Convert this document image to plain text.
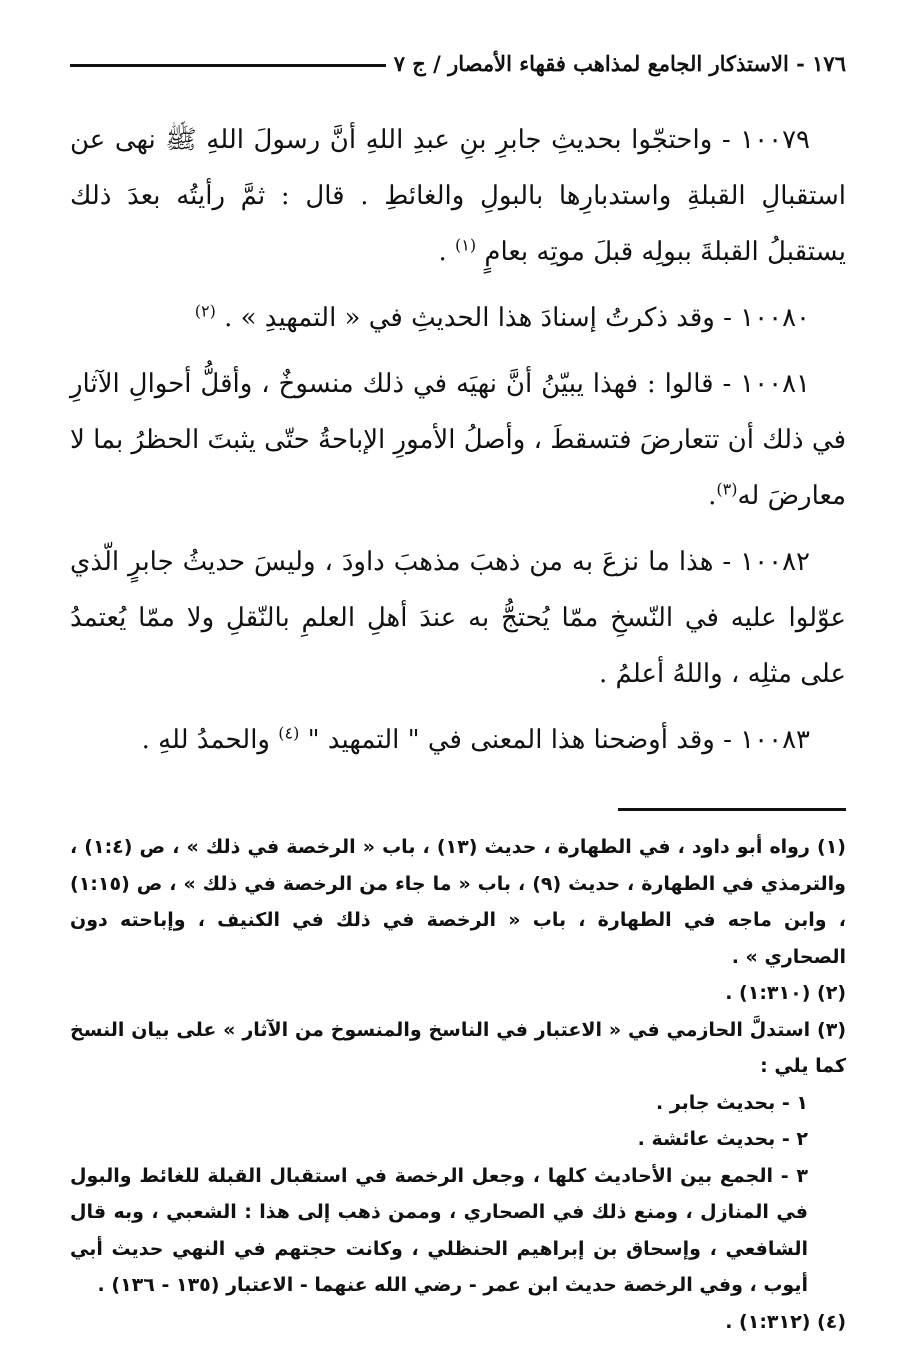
١٧٦ - الاستذكار الجامع لمذاهب فقهاء الأمصار / ج ٧

١٠٠٧٩ - واحتجّوا بحديثِ جابرِ بنِ عبدِ اللهِ أنَّ رسولَ اللهِ ﷺ نهى عن استقبالِ القبلةِ واستدبارِها بالبولِ والغائطِ . قال : ثمَّ رأيتُه بعدَ ذلك يستقبلُ القبلةَ ببولِه قبلَ موتِه بعامٍ $^{(١)}$ .

١٠٠٨٠ - وقد ذكرتُ إسنادَ هذا الحديثِ في « التمهيدِ » . $^{(٢)}$

١٠٠٨١ - قالوا : فهذا يبيّنُ أنَّ نهيَه في ذلك منسوخٌ ، وأقلُّ أحوالِ الآثارِ في ذلك أن تتعارضَ فتسقطَ ، وأصلُ الأمورِ الإباحةُ حتّى يثبتَ الحظرُ بما لا معارضَ له$^{(٣)}$.

١٠٠٨٢ - هذا ما نزعَ به من ذهبَ مذهبَ داودَ ، وليسَ حديثُ جابرٍ الّذي عوّلوا عليه في النّسخِ ممّا يُحتجُّ به عندَ أهلِ العلمِ بالنّقلِ ولا ممّا يُعتمدُ على مثلِه ، واللهُ أعلمُ .

١٠٠٨٣ - وقد أوضحنا هذا المعنى في " التمهيد " $^{(٤)}$ والحمدُ للهِ .

(١) رواه أبو داود ، في الطهارة ، حديث (١٣) ، باب « الرخصة في ذلك » ، ص (١:٤) ، والترمذي في الطهارة ، حديث (٩) ، باب « ما جاء من الرخصة في ذلك » ، ص (١:١٥) ، وابن ماجه في الطهارة ، باب « الرخصة في ذلك في الكنيف ، وإباحته دون الصحاري » .

(٢) (١:٣١٠) .

(٣) استدلَّ الحازمي في « الاعتبار في الناسخ والمنسوخ من الآثار » على بيان النسخ كما يلي :

١ - بحديث جابر .

٢ - بحديث عائشة .

٣ - الجمع بين الأحاديث كلها ، وجعل الرخصة في استقبال القبلة للغائط والبول في المنازل ، ومنع ذلك في الصحاري ، وممن ذهب إلى هذا : الشعبي ، وبه قال الشافعي ، وإسحاق بن إبراهيم الحنظلي ، وكانت حجتهم في النهي حديث أبي أيوب ، وفي الرخصة حديث ابن عمر - رضي الله عنهما - الاعتبار (١٣٥ - ١٣٦) .

(٤) (١:٣١٢) .
